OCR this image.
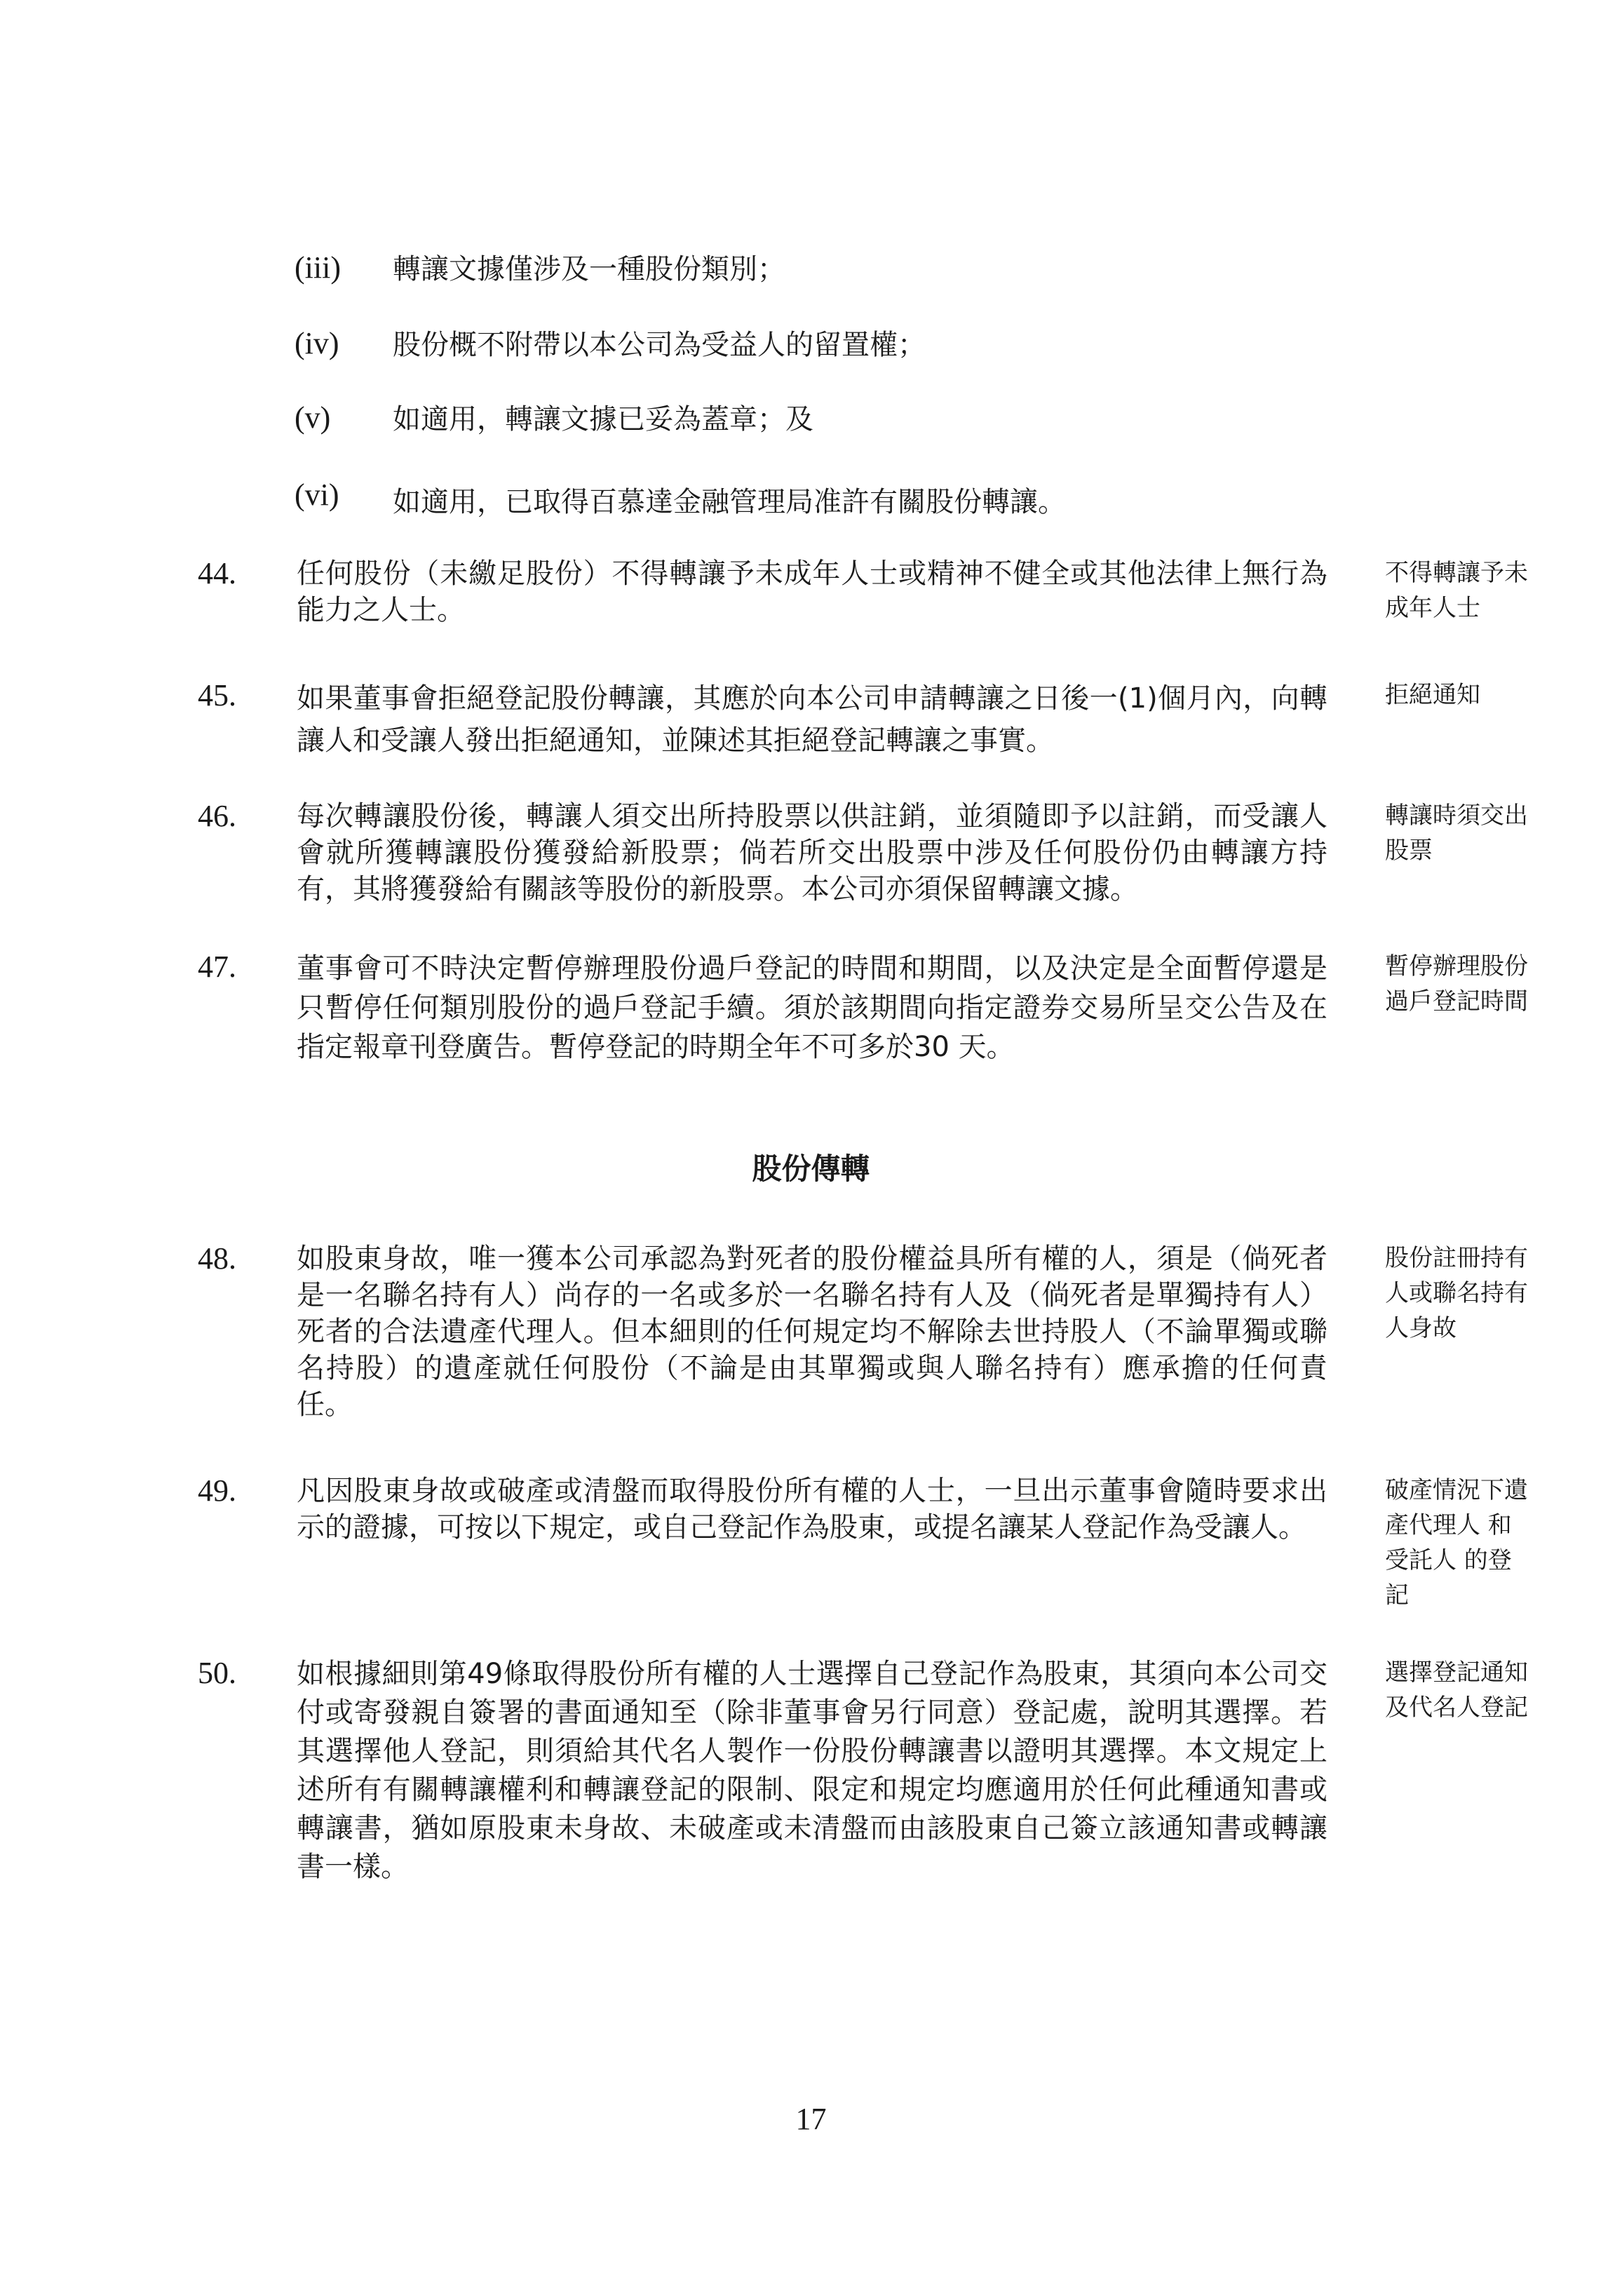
(iii) 轉讓文據僅涉及一種股份類別；
(iv) 股份概不附帶以本公司為受益人的留置權；
(v) 如適用，轉讓文據已妥為蓋章；及
(vi) 如適用，已取得百慕達金融管理局准許有關股份轉讓。
44. 任何股份（未繳足股份）不得轉讓予未成年人士或精神不健全或其他法律上無行為能力之人士。
不得轉讓予未成年人士
45. 如果董事會拒絕登記股份轉讓，其應於向本公司申請轉讓之日後一(1)個月內，向轉讓人和受讓人發出拒絕通知，並陳述其拒絕登記轉讓之事實。
拒絕通知
46. 每次轉讓股份後，轉讓人須交出所持股票以供註銷，並須隨即予以註銷，而受讓人會就所獲轉讓股份獲發給新股票；倘若所交出股票中涉及任何股份仍由轉讓方持有，其將獲發給有關該等股份的新股票。本公司亦須保留轉讓文據。
轉讓時須交出股票
47. 董事會可不時決定暫停辦理股份過戶登記的時間和期間，以及決定是全面暫停還是只暫停任何類別股份的過戶登記手續。須於該期間向指定證券交易所呈交公告及在指定報章刊登廣告。暫停登記的時期全年不可多於30 天。
暫停辦理股份過戶登記時間
股份傳轉
48. 如股東身故，唯一獲本公司承認為對死者的股份權益具所有權的人，須是（倘死者是一名聯名持有人）尚存的一名或多於一名聯名持有人及（倘死者是單獨持有人）死者的合法遺產代理人。但本細則的任何規定均不解除去世持股人（不論單獨或聯名持股）的遺產就任何股份（不論是由其單獨或與人聯名持有）應承擔的任何責任。
股份註冊持有人或聯名持有人身故
49. 凡因股東身故或破產或清盤而取得股份所有權的人士，一旦出示董事會隨時要求出示的證據，可按以下規定，或自己登記作為股東，或提名讓某人登記作為受讓人。
破產情況下遺 產代理人 和受託人 的登記
50. 如根據細則第49條取得股份所有權的人士選擇自己登記作為股東，其須向本公司交付或寄發親自簽署的書面通知至（除非董事會另行同意）登記處，說明其選擇。若其選擇他人登記，則須給其代名人製作一份股份轉讓書以證明其選擇。本文規定上述所有有關轉讓權利和轉讓登記的限制、限定和規定均應適用於任何此種通知書或轉讓書，猶如原股東未身故、未破產或未清盤而由該股東自己簽立該通知書或轉讓書一樣。
選擇登記通知及代名人登記
17
